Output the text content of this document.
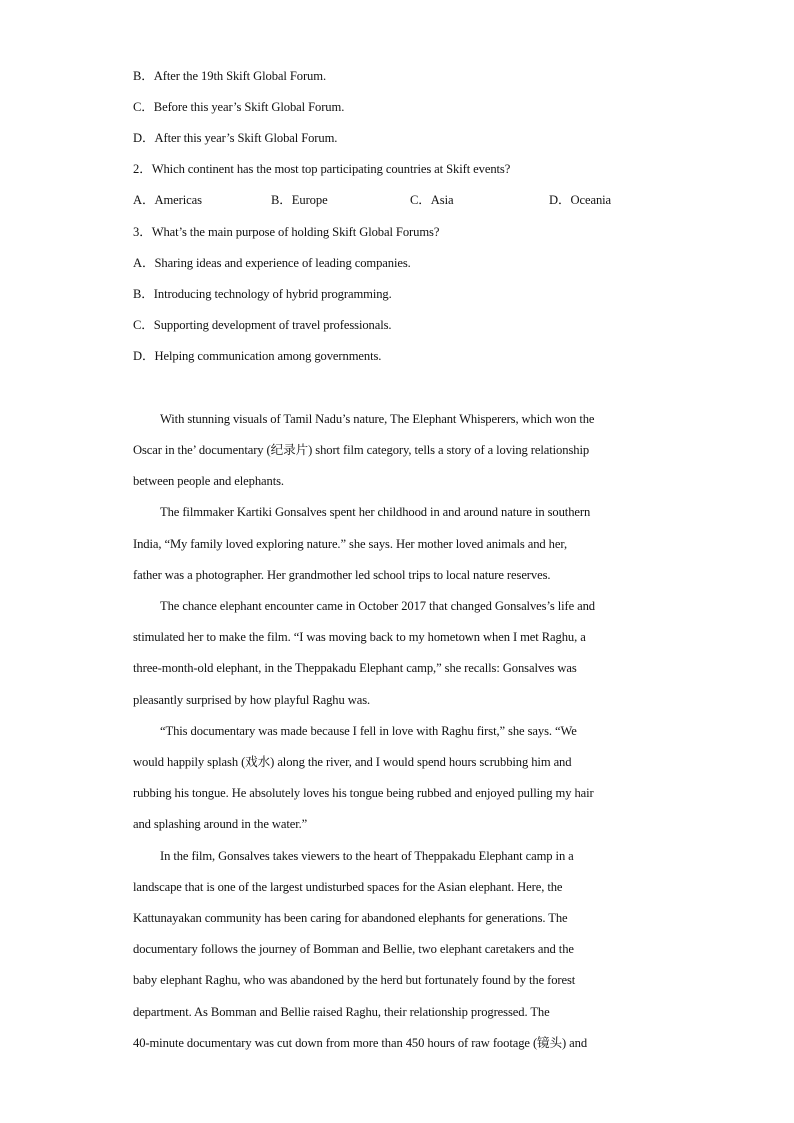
B．After the 19th Skift Global Forum.
C．Before this year’s Skift Global Forum.
D．After this year’s Skift Global Forum.
2．Which continent has the most top participating countries at Skift events?
A．Americas	B．Europe	C．Asia	D．Oceania
3．What’s the main purpose of holding Skift Global Forums?
A．Sharing ideas and experience of leading companies.
B．Introducing technology of hybrid programming.
C．Supporting development of travel professionals.
D．Helping communication among governments.
With stunning visuals of Tamil Nadu’s nature, The Elephant Whisperers, which won the
Oscar in the’ documentary (纪录片) short film category, tells a story of a loving relationship
between people and elephants.
The filmmaker Kartiki Gonsalves spent her childhood in and around nature in southern
India, “My family loved exploring nature.” she says. Her mother loved animals and her,
father was a photographer. Her grandmother led school trips to local nature reserves.
The chance elephant encounter came in October 2017 that changed Gonsalves’s life and
stimulated her to make the film. “I was moving back to my hometown when I met Raghu, a
three-month-old elephant, in the Theppakadu Elephant camp,” she recalls: Gonsalves was
pleasantly surprised by how playful Raghu was.
“This documentary was made because I fell in love with Raghu first,” she says. “We
would happily splash (戏水) along the river, and I would spend hours scrubbing him and
rubbing his tongue. He absolutely loves his tongue being rubbed and enjoyed pulling my hair
and splashing around in the water.”
In the film, Gonsalves takes viewers to the heart of Theppakadu Elephant camp in a
landscape that is one of the largest undisturbed spaces for the Asian elephant. Here, the
Kattunayakan community has been caring for abandoned elephants for generations. The
documentary follows the journey of Bomman and Bellie, two elephant caretakers and the
baby elephant Raghu, who was abandoned by the herd but fortunately found by the forest
department. As Bomman and Bellie raised Raghu, their relationship progressed. The
40-minute documentary was cut down from more than 450 hours of raw footage (镜头) and
